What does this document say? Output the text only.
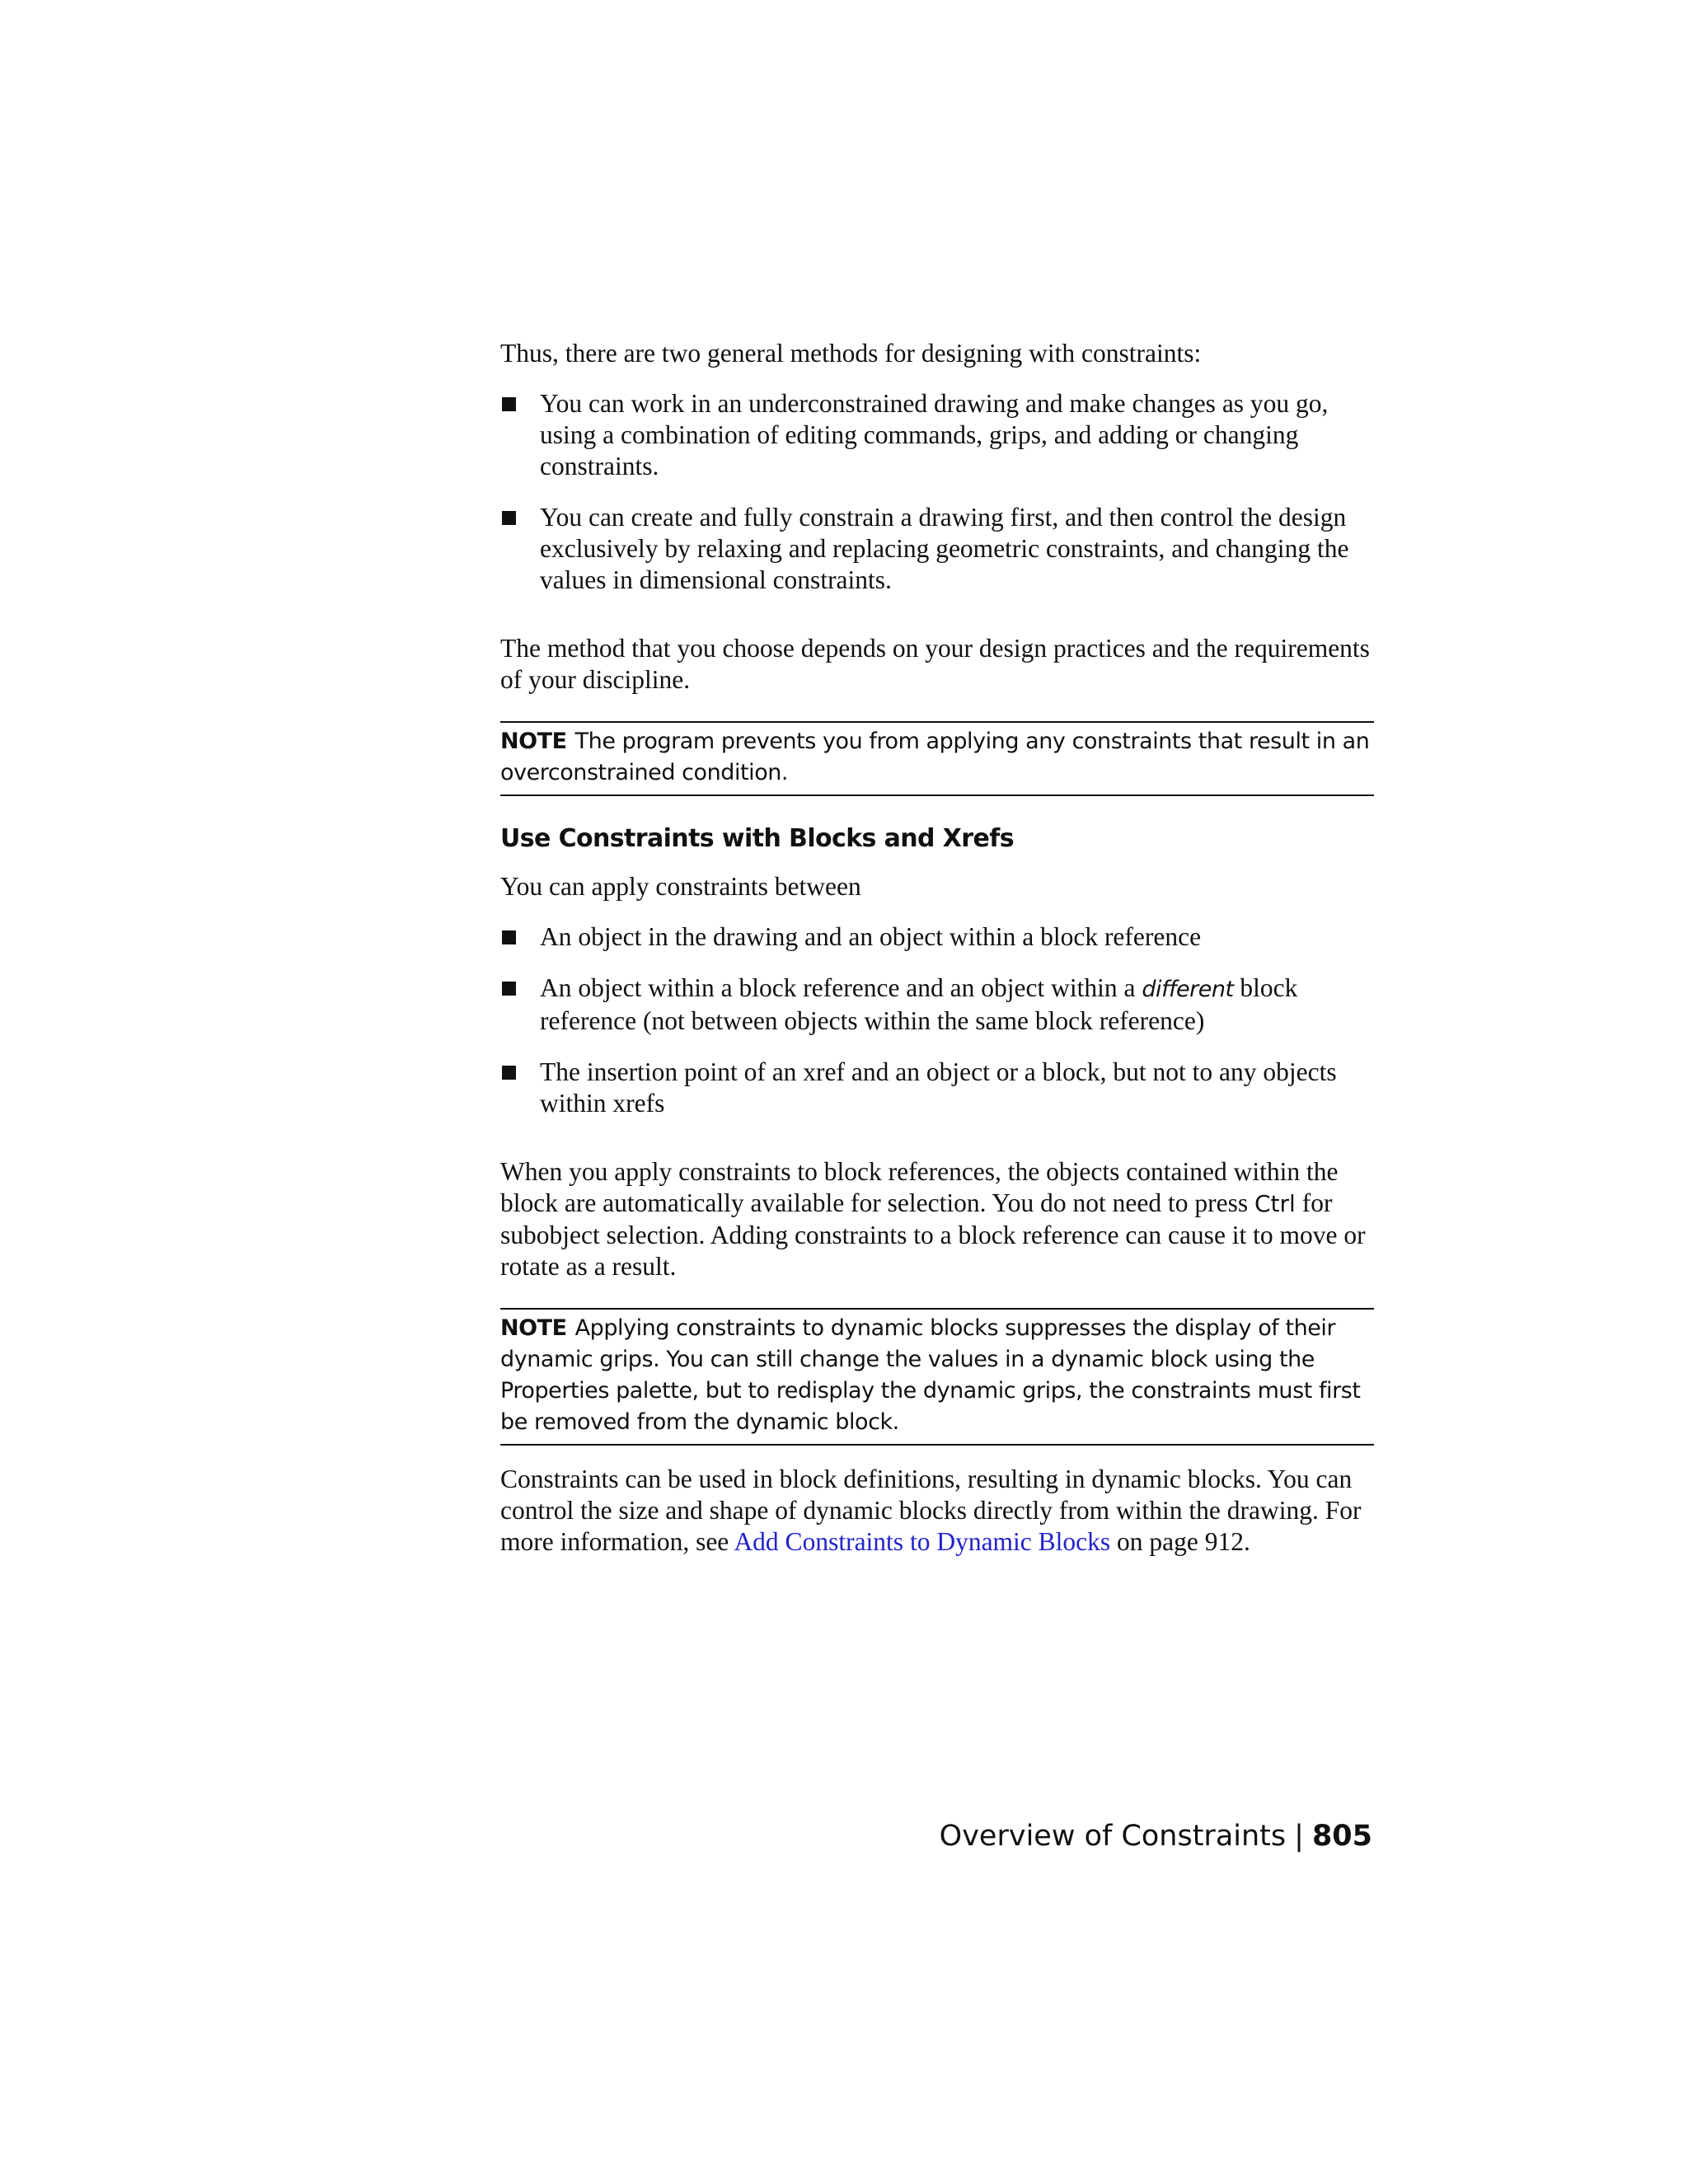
Thus, there are two general methods for designing with constraints:

You can work in an underconstrained drawing and make changes as you go, using a combination of editing commands, grips, and adding or changing constraints.
You can create and fully constrain a drawing first, and then control the design exclusively by relaxing and replacing geometric constraints, and changing the values in dimensional constraints.

The method that you choose depends on your design practices and the requirements of your discipline.

NOTE The program prevents you from applying any constraints that result in an overconstrained condition.
Use Constraints with Blocks and Xrefs

You can apply constraints between

An object in the drawing and an object within a block reference
An object within a block reference and an object within a different block reference (not between objects within the same block reference)
The insertion point of an xref and an object or a block, but not to any objects within xrefs

When you apply constraints to block references, the objects contained within the block are automatically available for selection. You do not need to press Ctrl for subobject selection. Adding constraints to a block reference can cause it to move or rotate as a result.

NOTE Applying constraints to dynamic blocks suppresses the display of their dynamic grips. You can still change the values in a dynamic block using the Properties palette, but to redisplay the dynamic grips, the constraints must first be removed from the dynamic block.

Constraints can be used in block definitions, resulting in dynamic blocks. You can control the size and shape of dynamic blocks directly from within the drawing. For more information, see Add Constraints to Dynamic Blocks on page 912.

Overview of Constraints | 805
